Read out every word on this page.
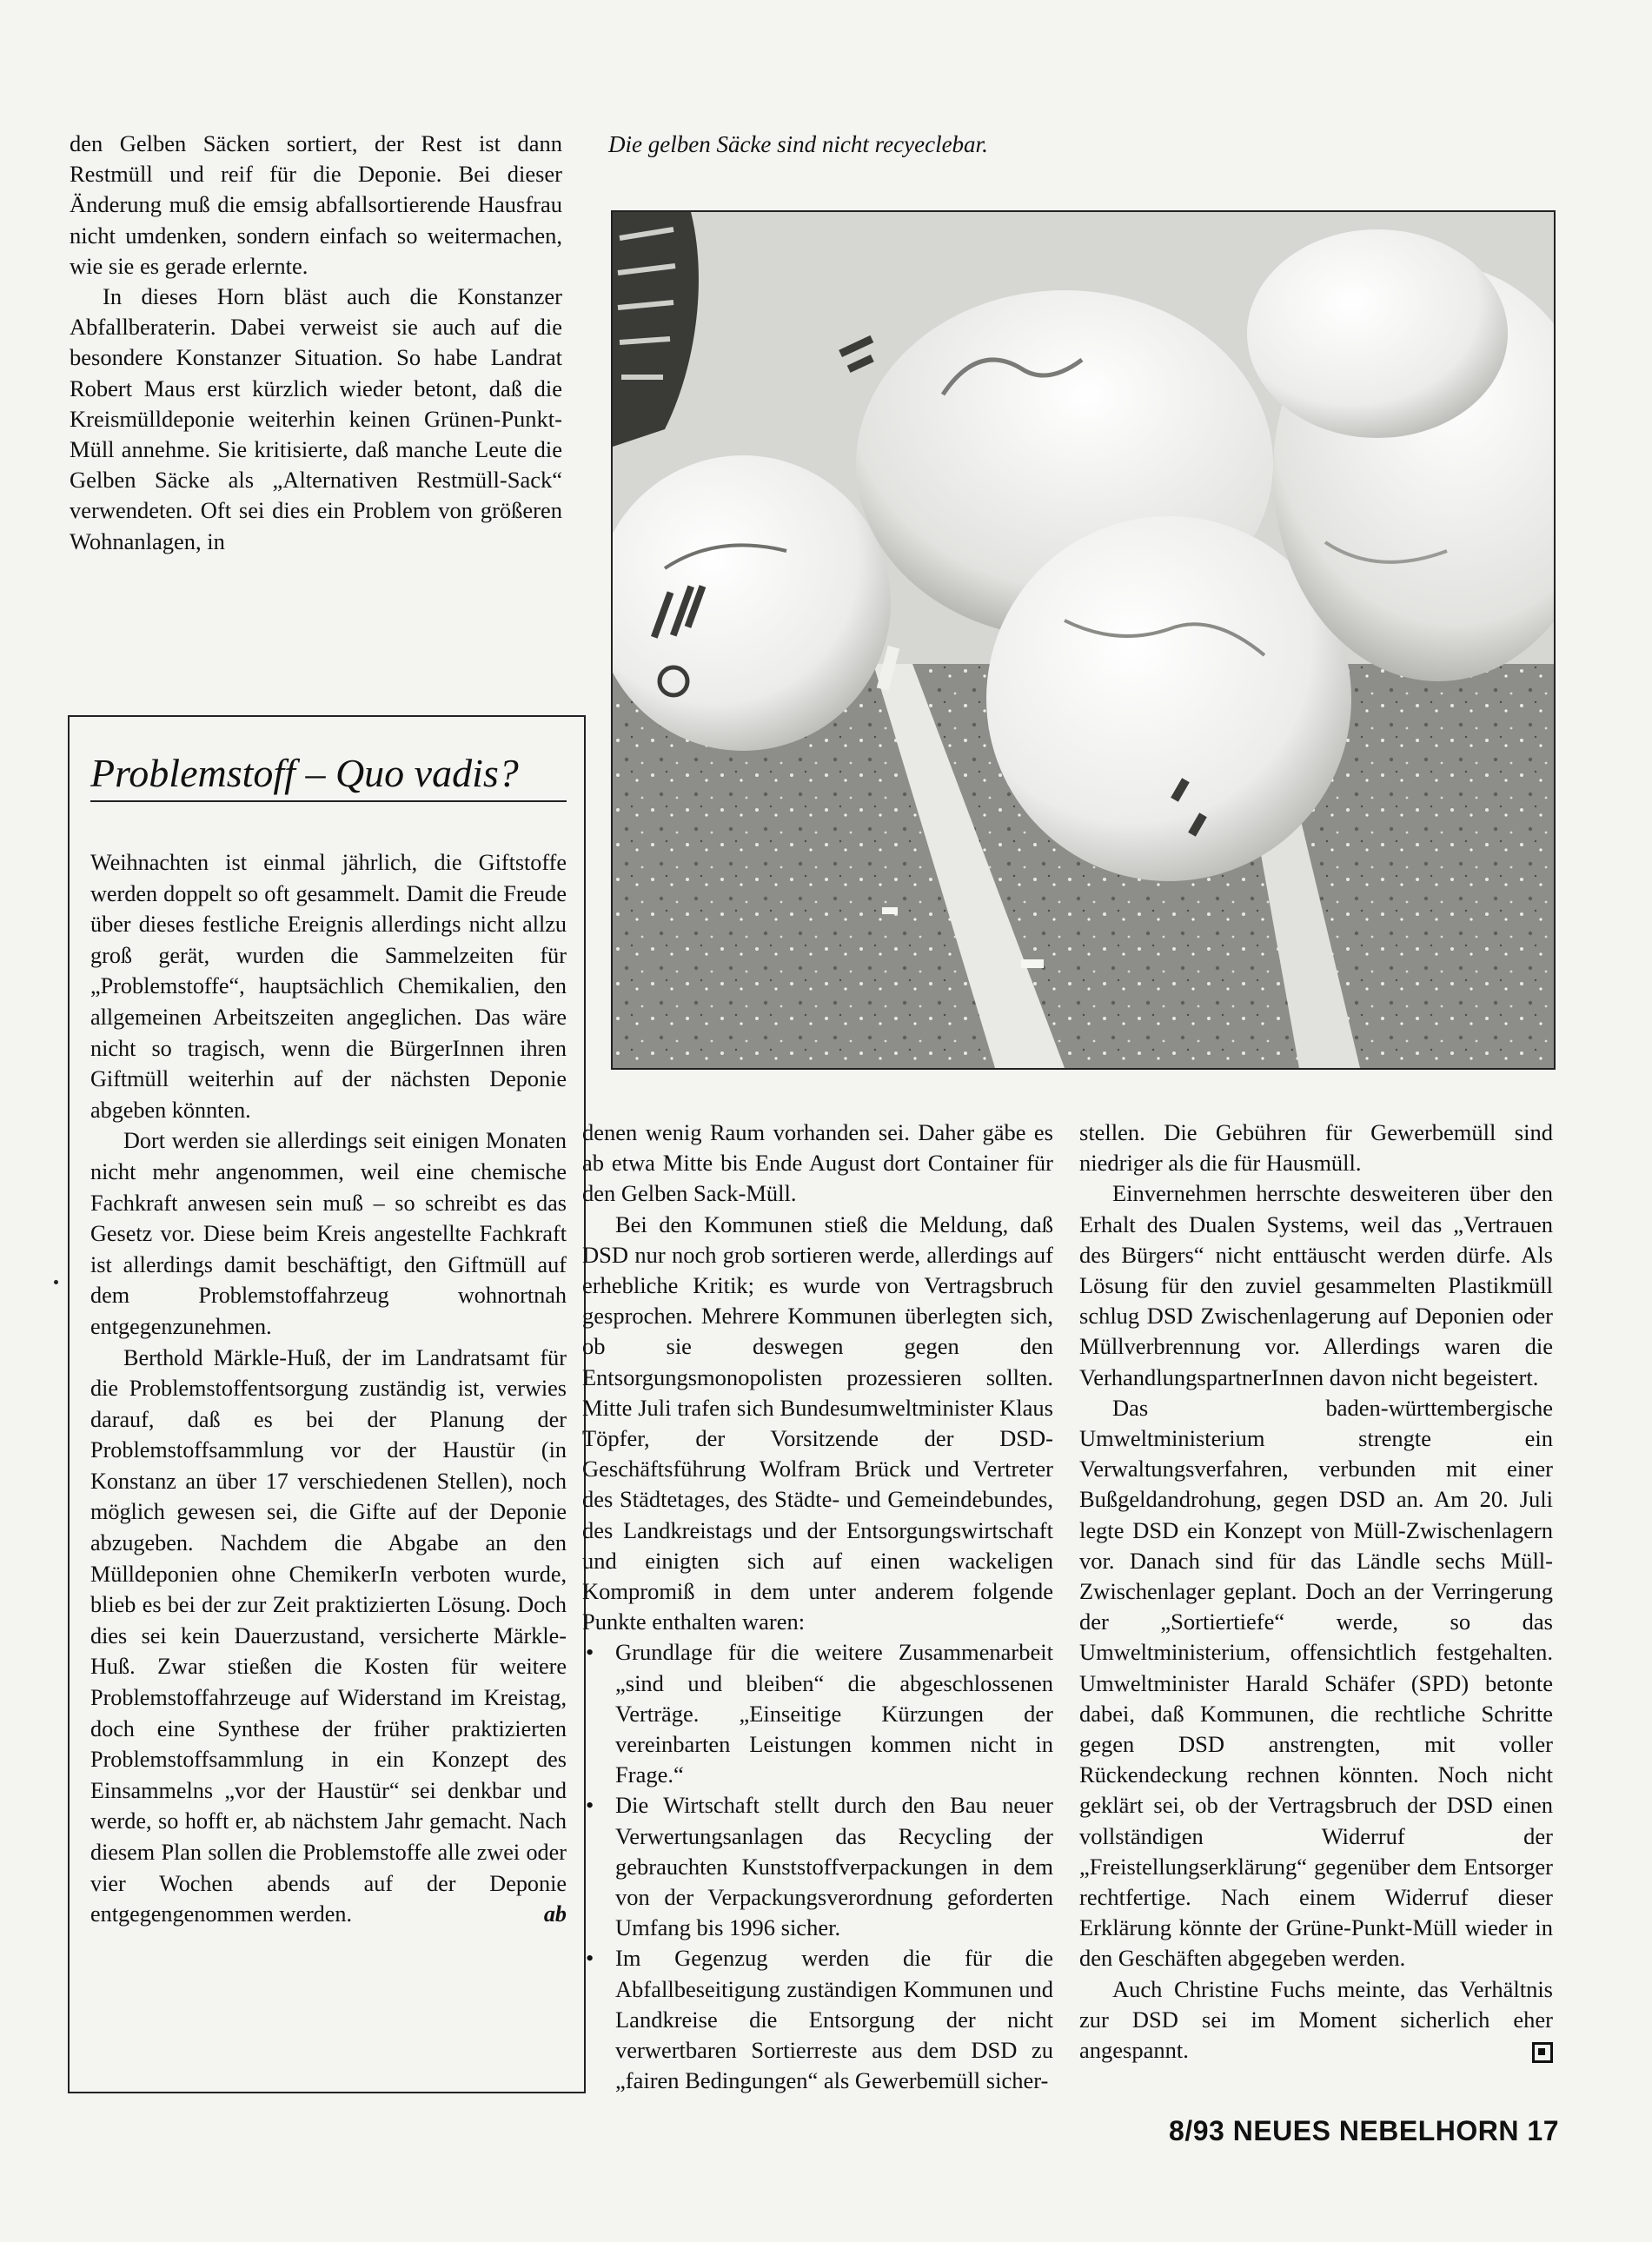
den Gelben Säcken sortiert, der Rest ist dann Restmüll und reif für die Deponie. Bei dieser Änderung muß die emsig abfallsortierende Hausfrau nicht umdenken, sondern einfach so weitermachen, wie sie es gerade erlernte.

In dieses Horn bläst auch die Konstanzer Abfallberaterin. Dabei verweist sie auch auf die besondere Konstanzer Situation. So habe Landrat Robert Maus erst kürzlich wieder betont, daß die Kreismülldeponie weiterhin keinen Grünen-Punkt-Müll annehme. Sie kritisierte, daß manche Leute die Gelben Säcke als „Alternativen Restmüll-Sack“ verwendeten. Oft sei dies ein Problem von größeren Wohnanlagen, in

Die gelben Säcke sind nicht recyeclebar.
Problemstoff – Quo vadis?

Weihnachten ist einmal jährlich, die Giftstoffe werden doppelt so oft gesammelt. Damit die Freude über dieses festliche Ereignis allerdings nicht allzu groß gerät, wurden die Sammelzeiten für „Problemstoffe“, hauptsächlich Chemikalien, den allgemeinen Arbeitszeiten angeglichen. Das wäre nicht so tragisch, wenn die BürgerInnen ihren Giftmüll weiterhin auf der nächsten Deponie abgeben könnten.

Dort werden sie allerdings seit einigen Monaten nicht mehr angenommen, weil eine chemische Fachkraft anwesen sein muß – so schreibt es das Gesetz vor. Diese beim Kreis angestellte Fachkraft ist allerdings damit beschäftigt, den Giftmüll auf dem Problemstoffahrzeug wohnortnah entgegenzunehmen.

Berthold Märkle-Huß, der im Landratsamt für die Problemstoffentsorgung zuständig ist, verwies darauf, daß es bei der Planung der Problemstoffsammlung vor der Haustür (in Konstanz an über 17 verschiedenen Stellen), noch möglich gewesen sei, die Gifte auf der Deponie abzugeben. Nachdem die Abgabe an den Mülldeponien ohne ChemikerIn verboten wurde, blieb es bei der zur Zeit praktizierten Lösung. Doch dies sei kein Dauerzustand, versicherte Märkle-Huß. Zwar stießen die Kosten für weitere Problemstoffahrzeuge auf Widerstand im Kreistag, doch eine Synthese der früher praktizierten Problemstoffsammlung in ein Konzept des Einsammelns „vor der Haustür“ sei denkbar und werde, so hofft er, ab nächstem Jahr gemacht. Nach diesem Plan sollen die Problemstoffe alle zwei oder vier Wochen abends auf der Deponie entgegengenommen werden.	ab

denen wenig Raum vorhanden sei. Daher gäbe es ab etwa Mitte bis Ende August dort Container für den Gelben Sack-Müll.

Bei den Kommunen stieß die Meldung, daß DSD nur noch grob sortieren werde, allerdings auf erhebliche Kritik; es wurde von Vertragsbruch gesprochen. Mehrere Kommunen überlegten sich, ob sie deswegen gegen den Entsorgungsmonopolisten prozessieren sollten. Mitte Juli trafen sich Bundesumweltminister Klaus Töpfer, der Vorsitzende der DSD-Geschäftsführung Wolfram Brück und Vertreter des Städtetages, des Städte- und Gemeindebundes, des Landkreistags und der Entsorgungswirtschaft und einigten sich auf einen wackeligen Kompromiß in dem unter anderem folgende Punkte enthalten waren:

• Grundlage für die weitere Zusammenarbeit „sind und bleiben“ die abgeschlossenen Verträge. „Einseitige Kürzungen der vereinbarten Leistungen kommen nicht in Frage.“
• Die Wirtschaft stellt durch den Bau neuer Verwertungsanlagen das Recycling der gebrauchten Kunststoffverpackungen in dem von der Verpackungsverordnung geforderten Umfang bis 1996 sicher.
• Im Gegenzug werden die für die Abfallbeseitigung zuständigen Kommunen und Landkreise die Entsorgung der nicht verwertbaren Sortierreste aus dem DSD zu „fairen Bedingungen“ als Gewerbemüll sicher-

stellen. Die Gebühren für Gewerbemüll sind niedriger als die für Hausmüll.

Einvernehmen herrschte desweiteren über den Erhalt des Dualen Systems, weil das „Vertrauen des Bürgers“ nicht enttäuscht werden dürfe. Als Lösung für den zuviel gesammelten Plastikmüll schlug DSD Zwischenlagerung auf Deponien oder Müllverbrennung vor. Allerdings waren die VerhandlungspartnerInnen davon nicht begeistert.

Das baden-württembergische Umweltministerium strengte ein Verwaltungsverfahren, verbunden mit einer Bußgeldandrohung, gegen DSD an. Am 20. Juli legte DSD ein Konzept von Müll-Zwischenlagern vor. Danach sind für das Ländle sechs Müll-Zwischenlager geplant. Doch an der Verringerung der „Sortiertiefe“ werde, so das Umweltministerium, offensichtlich festgehalten. Umweltminister Harald Schäfer (SPD) betonte dabei, daß Kommunen, die rechtliche Schritte gegen DSD anstrengten, mit voller Rückendeckung rechnen könnten. Noch nicht geklärt sei, ob der Vertragsbruch der DSD einen vollständigen Widerruf der „Freistellungserklärung“ gegenüber dem Entsorger rechtfertige. Nach einem Widerruf dieser Erklärung könnte der Grüne-Punkt-Müll wieder in den Geschäften abgegeben werden.

Auch Christine Fuchs meinte, das Verhältnis zur DSD sei im Moment sicherlich eher angespannt.

8/93 NEUES NEBELHORN 17
